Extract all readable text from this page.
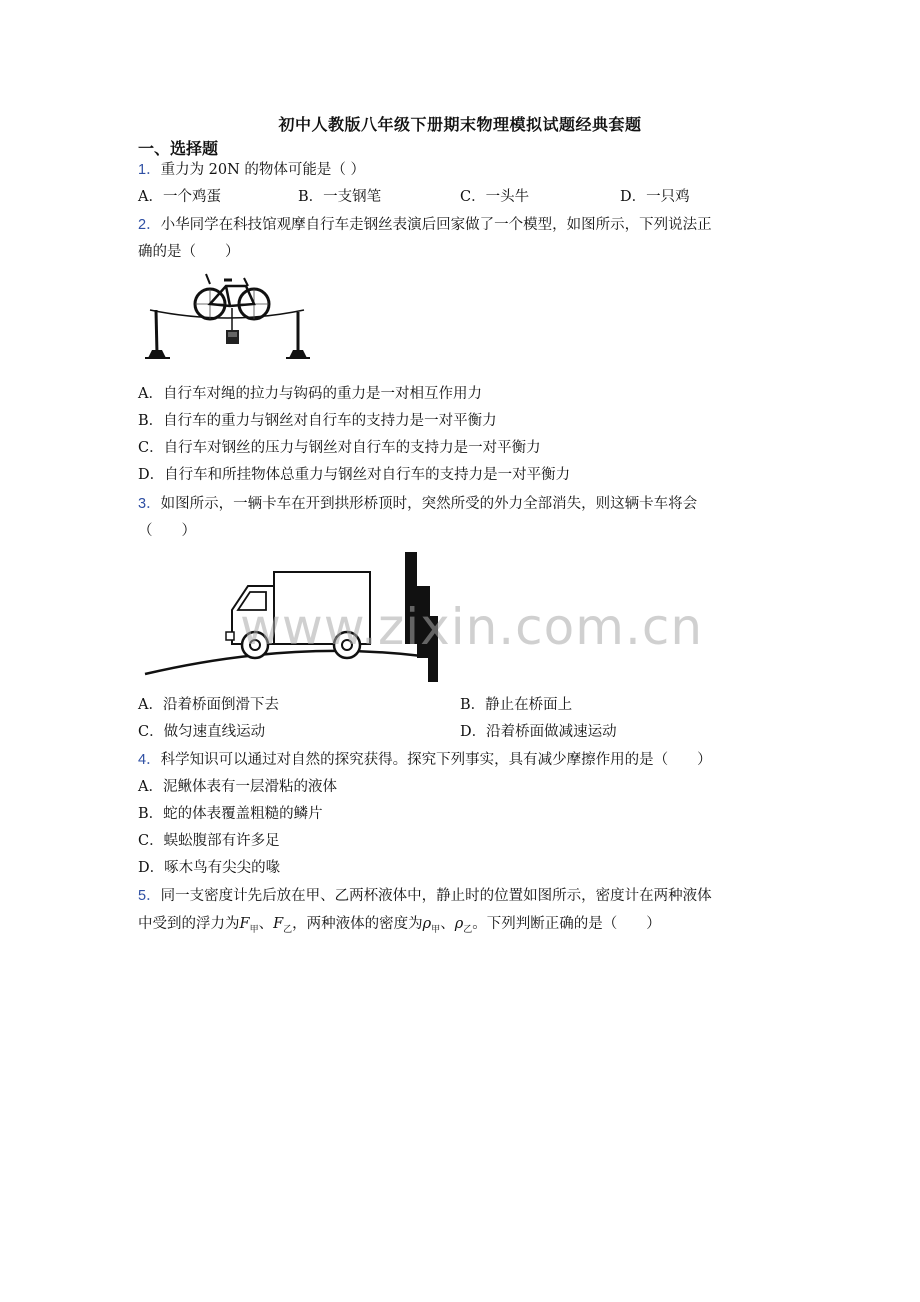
初中人教版八年级下册期末物理模拟试题经典套题
一、选择题
1．重力为 20N 的物体可能是（ ）
A．一个鸡蛋	B．一支钢笔	C．一头牛	D．一只鸡
2．小华同学在科技馆观摩自行车走钢丝表演后回家做了一个模型，如图所示，下列说法正
确的是（　　）
A．自行车对绳的拉力与钩码的重力是一对相互作用力
B．自行车的重力与钢丝对自行车的支持力是一对平衡力
C．自行车对钢丝的压力与钢丝对自行车的支持力是一对平衡力
D．自行车和所挂物体总重力与钢丝对自行车的支持力是一对平衡力
3．如图所示，一辆卡车在开到拱形桥顶时，突然所受的外力全部消失，则这辆卡车将会
（　　）
www.zixin.com.cn
A．沿着桥面倒滑下去	B．静止在桥面上
C．做匀速直线运动	D．沿着桥面做减速运动
4．科学知识可以通过对自然的探究获得。探究下列事实，具有减少摩擦作用的是（　　）
A．泥鳅体表有一层滑粘的液体
B．蛇的体表覆盖粗糙的鳞片
C．蜈蚣腹部有许多足
D．啄木鸟有尖尖的喙
5．同一支密度计先后放在甲、乙两杯液体中，静止时的位置如图所示，密度计在两种液体
中受到的浮力为$F_甲$、$F_乙$，两种液体的密度为$\rho_甲$、$\rho_乙$。下列判断正确的是（　　）
